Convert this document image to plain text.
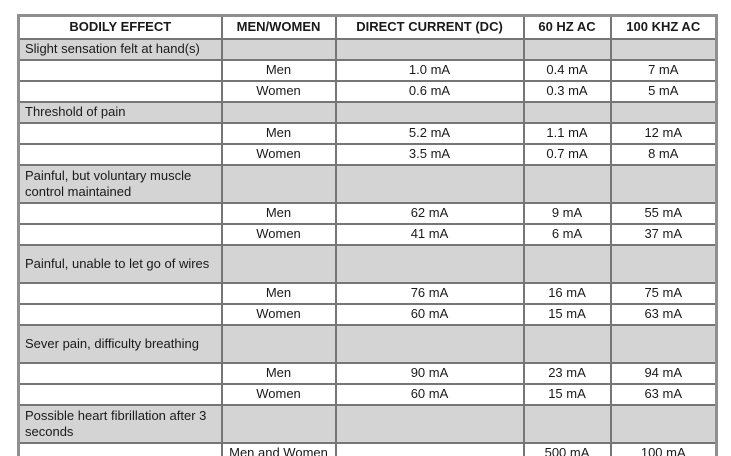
BODILY EFFECT	MEN/WOMEN	DIRECT CURRENT (DC)	60 HZ AC	100 KHZ AC
Slight sensation felt at hand(s)				
	Men	1.0 mA	0.4 mA	7 mA
	Women	0.6 mA	0.3 mA	5 mA
Threshold of pain				
	Men	5.2 mA	1.1 mA	12 mA
	Women	3.5 mA	0.7 mA	8 mA
Painful, but voluntary muscle control maintained				
	Men	62 mA	9 mA	55 mA
	Women	41 mA	6 mA	37 mA
Painful, unable to let go of wires				
	Men	76 mA	16 mA	75 mA
	Women	60 mA	15 mA	63 mA
Sever pain, difficulty breathing				
	Men	90 mA	23 mA	94 mA
	Women	60 mA	15 mA	63 mA
Possible heart fibrillation after 3 seconds				
	Men and Women		500 mA	100 mA
